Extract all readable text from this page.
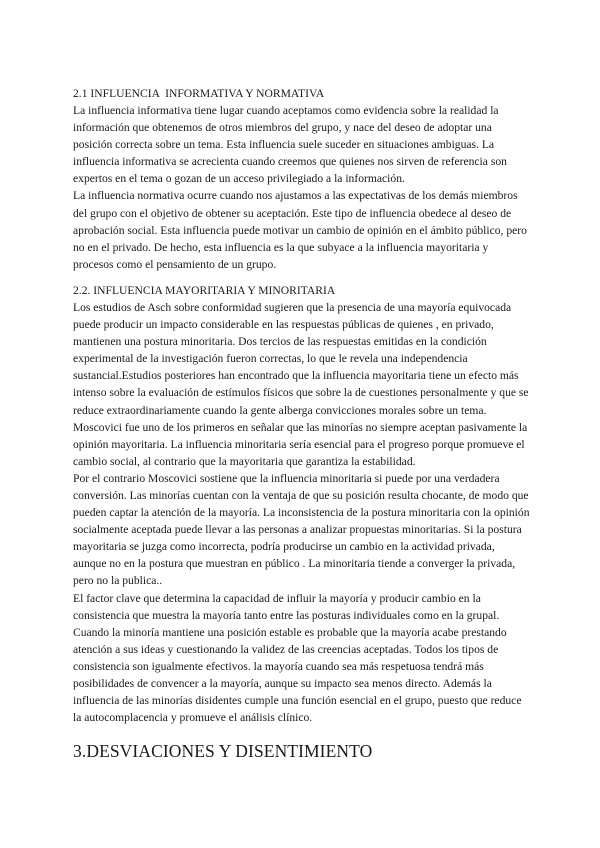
2.1 INFLUENCIA  INFORMATIVA Y NORMATIVA

La influencia informativa tiene lugar cuando aceptamos como evidencia sobre la realidad la información que obtenemos de otros miembros del grupo, y nace del deseo de adoptar una posición correcta sobre un tema. Esta influencia suele suceder en situaciones ambiguas. La influencia informativa se acrecienta cuando creemos que quienes nos sirven de referencia son expertos en el tema o gozan de un acceso privilegiado a la información.

La influencia normativa ocurre cuando nos ajustamos a las expectativas de los demás miembros del grupo con el objetivo de obtener su aceptación. Este tipo de influencia obedece al deseo de aprobación social. Esta influencia puede motivar un cambio de opinión en el ámbito público, pero no en el privado. De hecho, esta influencia es la que subyace a la influencia mayoritaria y procesos como el pensamiento de un grupo.

2.2. INFLUENCIA MAYORITARIA Y MINORITARIA

Los estudios de Asch sobre conformidad sugieren que la presencia de una mayoría equivocada puede producir un impacto considerable en las respuestas públicas de quienes , en privado, mantienen una postura minoritaria. Dos tercios de las respuestas emitidas en la condición experimental de la investigación fueron correctas, lo que le revela una independencia sustancial.Estudios posteriores han encontrado que la influencia mayoritaria tiene un efecto más intenso sobre la evaluación de estímulos físicos que sobre la de cuestiones personalmente y que se reduce extraordinariamente cuando la gente alberga convicciones morales sobre un tema.

Moscovici fue uno de los primeros en señalar que las minorías no siempre aceptan pasivamente la opinión mayoritaria. La influencia minoritaria sería esencial para el progreso porque promueve el cambio social, al contrario que la mayoritaria que garantiza la estabilidad.

Por el contrario Moscovici sostiene que la influencia minoritaria si puede por una verdadera conversión. Las minorías cuentan con la ventaja de que su posición resulta chocante, de modo que pueden captar la atención de la mayoría. La inconsistencia de la postura minoritaria con la opinión socialmente aceptada puede llevar a las personas a analizar propuestas minoritarias. Si la postura mayoritaria se juzga como incorrecta, podría producirse un cambio en la actividad privada, aunque no en la postura que muestran en público . La minoritaria tiende a converger la privada, pero no la publica..

El factor clave que determina la capacidad de influir la mayoría y producir cambio en la consistencia que muestra la mayoría tanto entre las posturas individuales como en la grupal. Cuando la minoría mantiene una posición estable es probable que la mayoría acabe prestando atención a sus ideas y cuestionando la validez de las creencias aceptadas. Todos los tipos de consistencia son igualmente efectivos. la mayoría cuando sea más respetuosa tendrá más posibilidades de convencer a la mayoría, aunque su impacto sea menos directo. Además la influencia de las minorías disidentes cumple una función esencial en el grupo, puesto que reduce la autocomplacencia y promueve el análisis clínico.

3.DESVIACIONES Y DISENTIMIENTO
